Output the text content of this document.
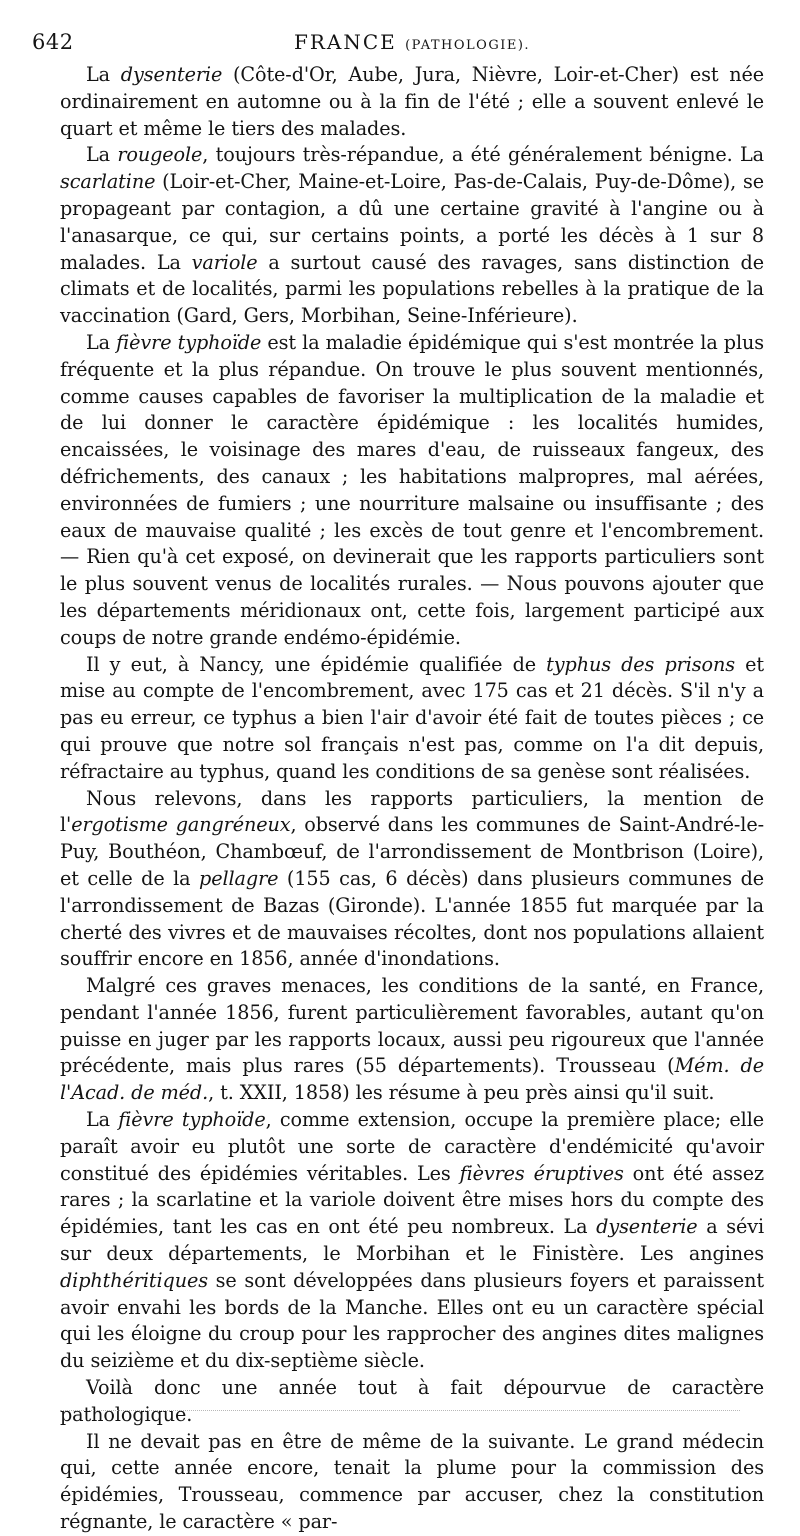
642	FRANCE (PATHOLOGIE).

La dysenterie (Côte-d'Or, Aube, Jura, Nièvre, Loir-et-Cher) est née ordinairement en automne ou à la fin de l'été ; elle a souvent enlevé le quart et même le tiers des malades.

La rougeole, toujours très-répandue, a été généralement bénigne. La scarlatine (Loir-et-Cher, Maine-et-Loire, Pas-de-Calais, Puy-de-Dôme), se propageant par contagion, a dû une certaine gravité à l'angine ou à l'anasarque, ce qui, sur certains points, a porté les décès à 1 sur 8 malades. La variole a surtout causé des ravages, sans distinction de climats et de localités, parmi les populations rebelles à la pratique de la vaccination (Gard, Gers, Morbihan, Seine-Inférieure).

La fièvre typhoïde est la maladie épidémique qui s'est montrée la plus fréquente et la plus répandue. On trouve le plus souvent mentionnés, comme causes capables de favoriser la multiplication de la maladie et de lui donner le caractère épidémique : les localités humides, encaissées, le voisinage des mares d'eau, de ruisseaux fangeux, des défrichements, des canaux ; les habitations malpropres, mal aérées, environnées de fumiers ; une nourriture malsaine ou insuffisante ; des eaux de mauvaise qualité ; les excès de tout genre et l'encombrement. — Rien qu'à cet exposé, on devinerait que les rapports particuliers sont le plus souvent venus de localités rurales. — Nous pouvons ajouter que les départements méridionaux ont, cette fois, largement participé aux coups de notre grande endémo-épidémie.

Il y eut, à Nancy, une épidémie qualifiée de typhus des prisons et mise au compte de l'encombrement, avec 175 cas et 21 décès. S'il n'y a pas eu erreur, ce typhus a bien l'air d'avoir été fait de toutes pièces ; ce qui prouve que notre sol français n'est pas, comme on l'a dit depuis, réfractaire au typhus, quand les conditions de sa genèse sont réalisées.

Nous relevons, dans les rapports particuliers, la mention de l'ergotisme gangréneux, observé dans les communes de Saint-André-le-Puy, Bouthéon, Chambœuf, de l'arrondissement de Montbrison (Loire), et celle de la pellagre (155 cas, 6 décès) dans plusieurs communes de l'arrondissement de Bazas (Gironde). L'année 1855 fut marquée par la cherté des vivres et de mauvaises récoltes, dont nos populations allaient souffrir encore en 1856, année d'inondations.

Malgré ces graves menaces, les conditions de la santé, en France, pendant l'année 1856, furent particulièrement favorables, autant qu'on puisse en juger par les rapports locaux, aussi peu rigoureux que l'année précédente, mais plus rares (55 départements). Trousseau (Mém. de l'Acad. de méd., t. XXII, 1858) les résume à peu près ainsi qu'il suit.

La fièvre typhoïde, comme extension, occupe la première place; elle paraît avoir eu plutôt une sorte de caractère d'endémicité qu'avoir constitué des épidémies véritables. Les fièvres éruptives ont été assez rares ; la scarlatine et la variole doivent être mises hors du compte des épidémies, tant les cas en ont été peu nombreux. La dysenterie a sévi sur deux départements, le Morbihan et le Finistère. Les angines diphthéritiques se sont développées dans plusieurs foyers et paraissent avoir envahi les bords de la Manche. Elles ont eu un caractère spécial qui les éloigne du croup pour les rapprocher des angines dites malignes du seizième et du dix-septième siècle.

Voilà donc une année tout à fait dépourvue de caractère pathologique.

Il ne devait pas en être de même de la suivante. Le grand médecin qui, cette année encore, tenait la plume pour la commission des épidémies, Trousseau, commence par accuser, chez la constitution régnante, le caractère « par-
